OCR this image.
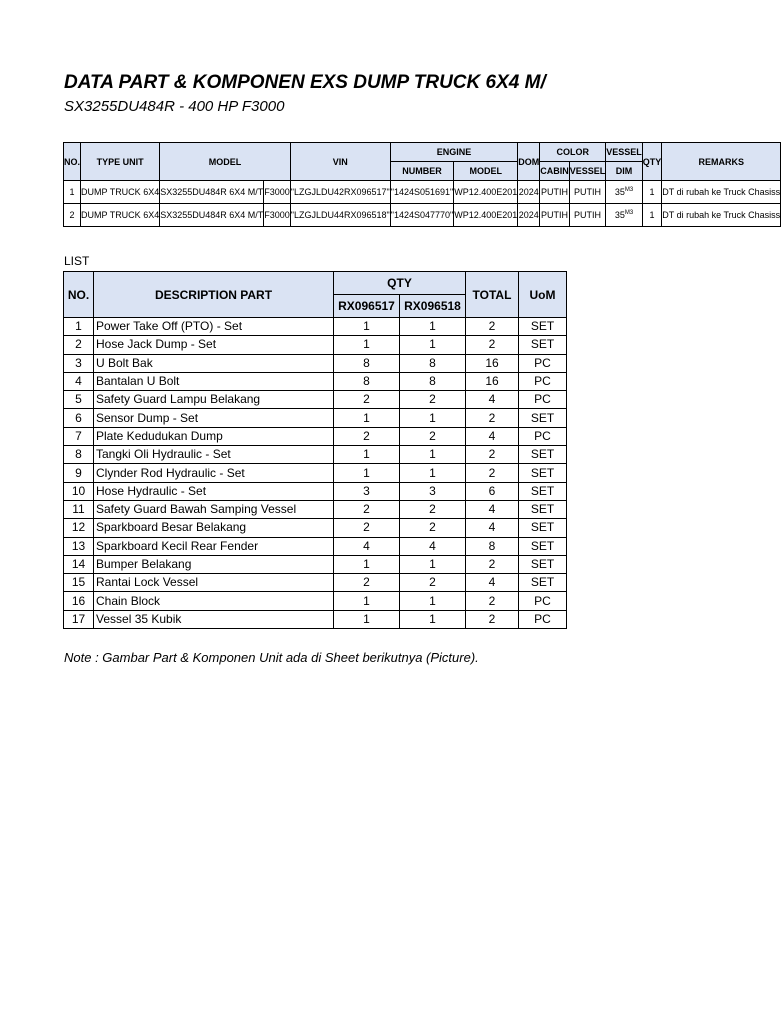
DATA PART & KOMPONEN EXS DUMP TRUCK 6X4 M/
SX3255DU484R - 400 HP F3000
NO.	TYPE UNIT	MODEL		VIN	ENGINE		DOM	COLOR		VESSEL	QTY	REMARKS
					NUMBER	MODEL		CABIN	VESSEL	DIM		
1	DUMP TRUCK 6X4	SX3255DU484R 6X4 M/T	F3000	"LZGJLDU42RX096517"	"1424S051691"	WP12.400E201	2024	PUTIH	PUTIH	$35^{M3}$	1	DT di rubah ke Truck Chasiss
2	DUMP TRUCK 6X4	SX3255DU484R 6X4 M/T	F3000	"LZGJLDU44RX096518"	"1424S047770"	WP12.400E201	2024	PUTIH	PUTIH	$35^{M3}$	1	DT di rubah ke Truck Chasiss
LIST
NO.	DESCRIPTION PART	QTY		TOTAL	UoM
		RX096517	RX096518		
1	Power Take Off (PTO) - Set	1	1	2	SET
2	Hose Jack Dump - Set	1	1	2	SET
3	U Bolt Bak	8	8	16	PC
4	Bantalan U Bolt	8	8	16	PC
5	Safety Guard Lampu Belakang	2	2	4	PC
6	Sensor Dump - Set	1	1	2	SET
7	Plate Kedudukan Dump	2	2	4	PC
8	Tangki Oli Hydraulic - Set	1	1	2	SET
9	Clynder Rod Hydraulic - Set	1	1	2	SET
10	Hose Hydraulic - Set	3	3	6	SET
11	Safety Guard Bawah Samping Vessel	2	2	4	SET
12	Sparkboard Besar Belakang	2	2	4	SET
13	Sparkboard Kecil Rear Fender	4	4	8	SET
14	Bumper Belakang	1	1	2	SET
15	Rantai Lock Vessel	2	2	4	SET
16	Chain Block	1	1	2	PC
17	Vessel 35 Kubik	1	1	2	PC
Note : Gambar Part & Komponen Unit ada di Sheet berikutnya (Picture).
